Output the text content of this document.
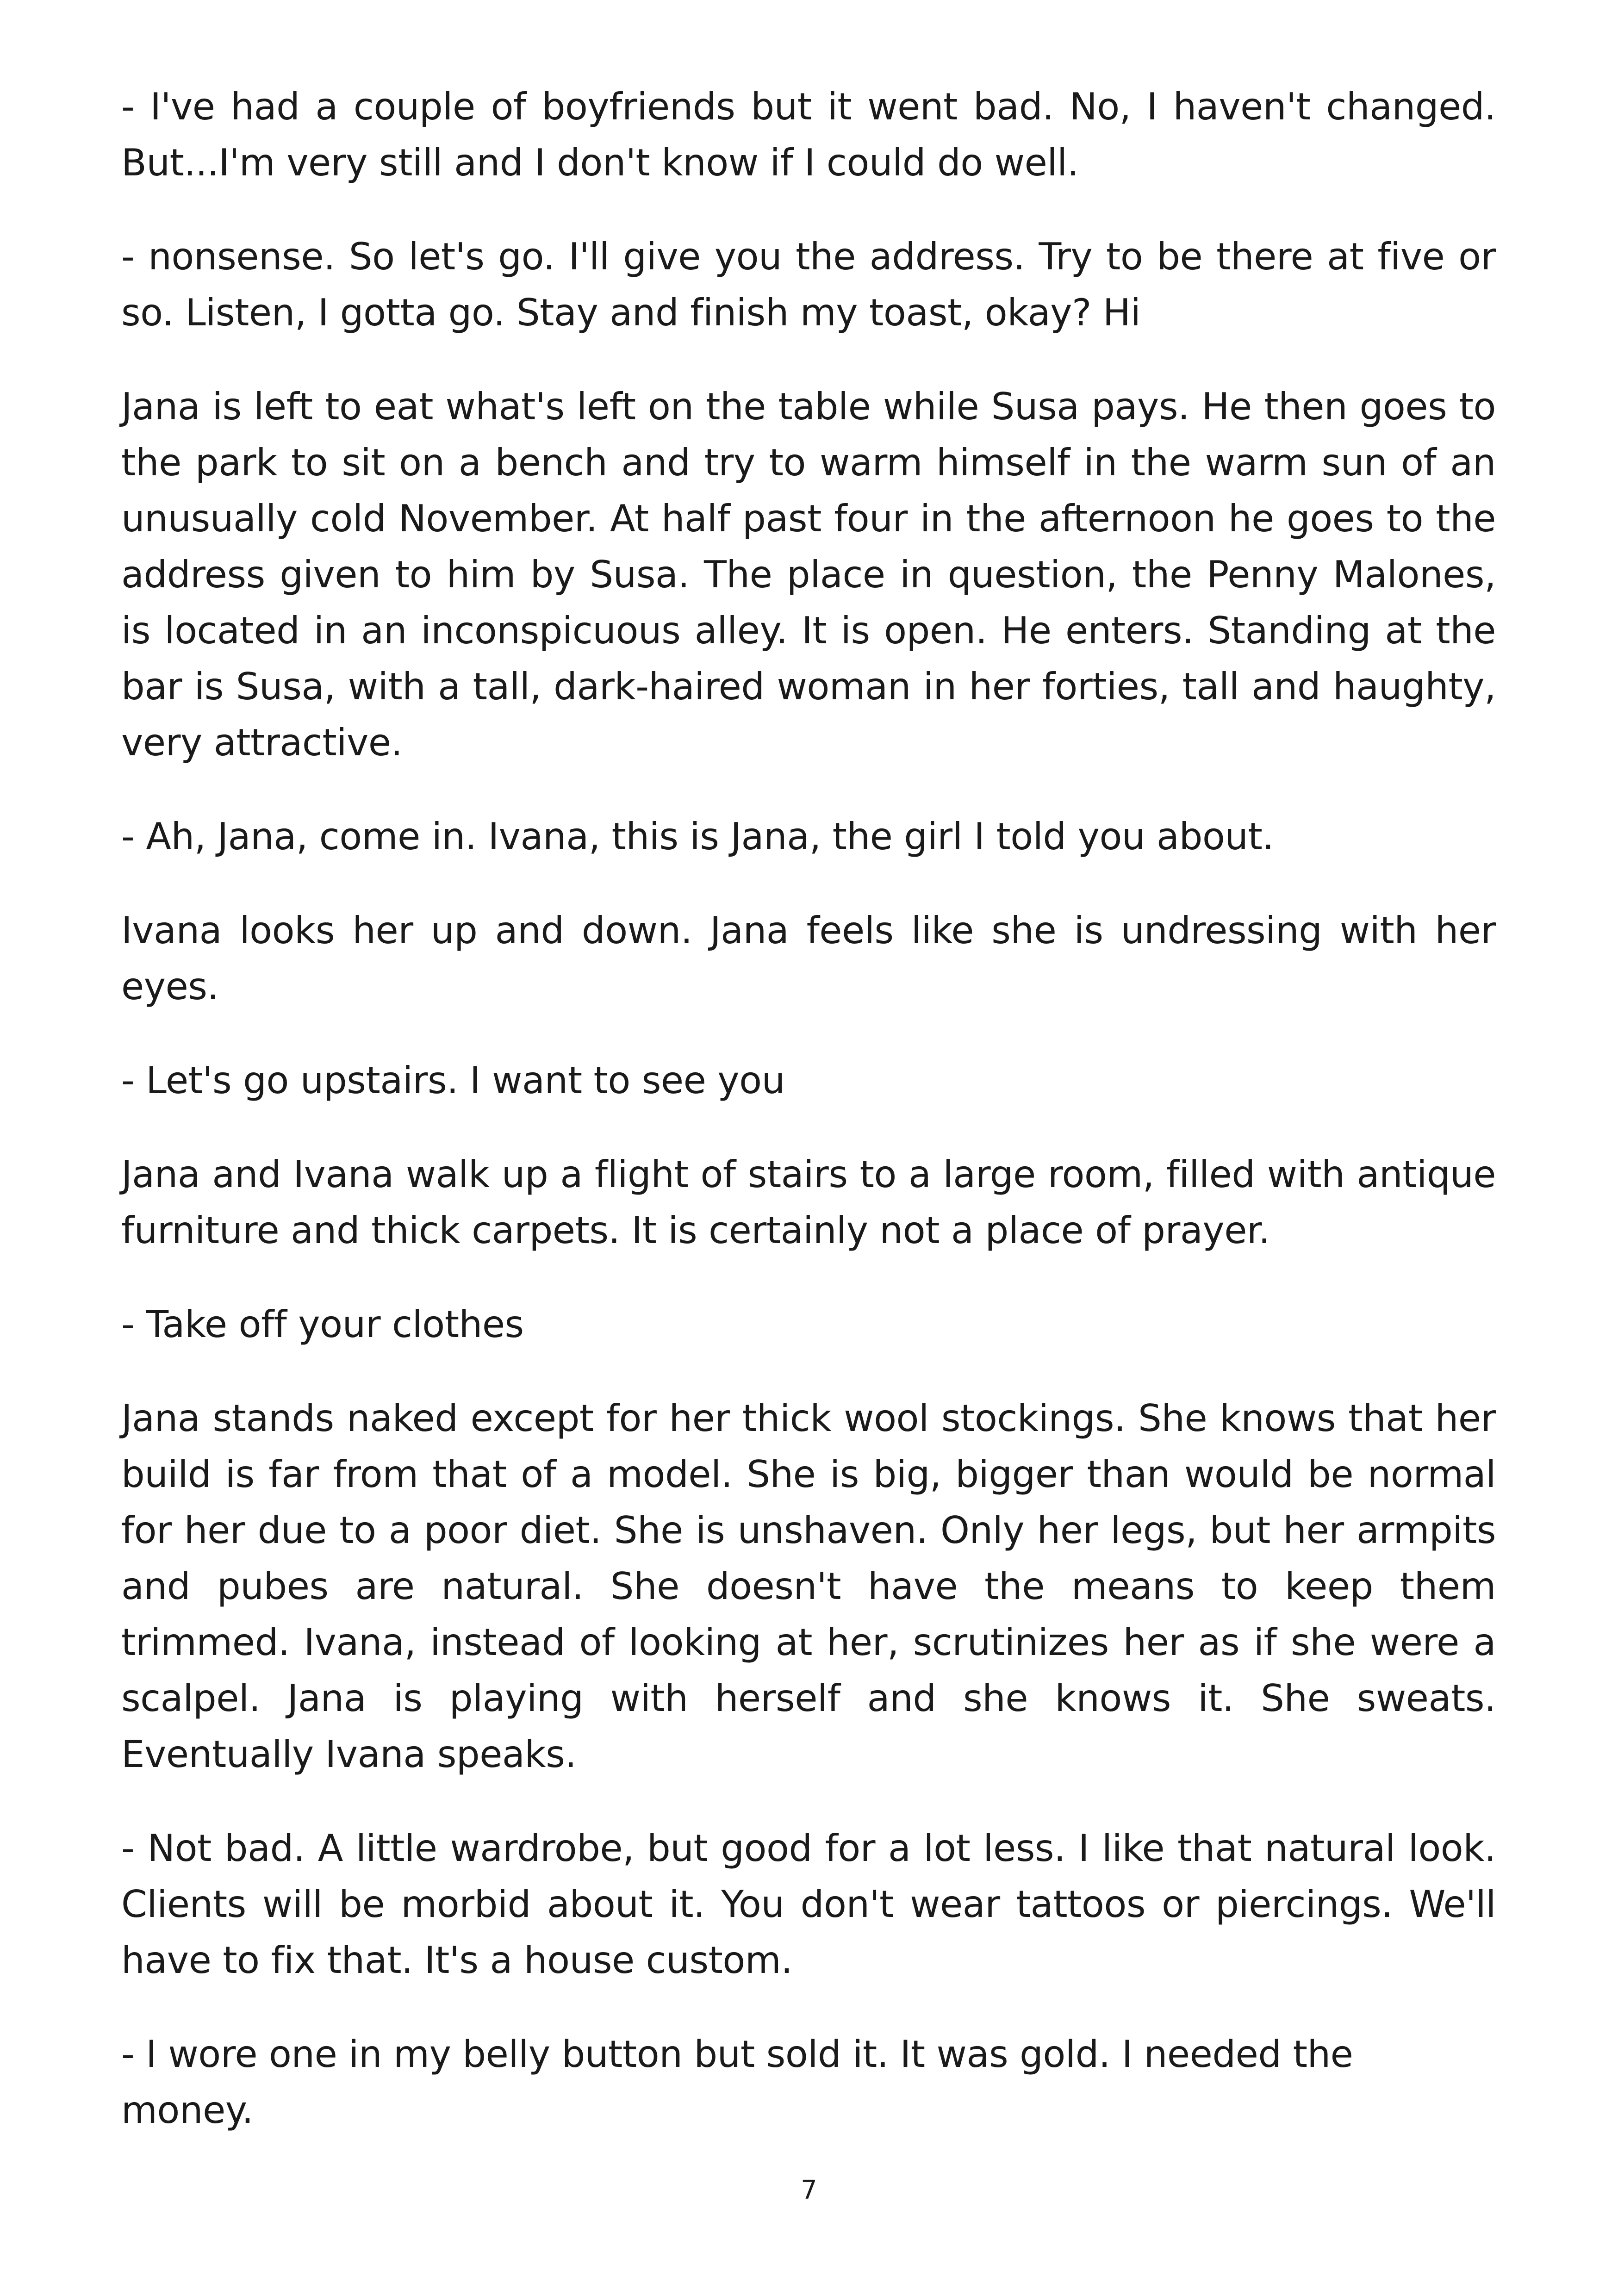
- I've had a couple of boyfriends but it went bad. No, I haven't changed. But...I'm very still and I don't know if I could do well.

- nonsense. So let's go. I'll give you the address. Try to be there at five or so. Listen, I gotta go. Stay and finish my toast, okay? Hi

Jana is left to eat what's left on the table while Susa pays. He then goes to the park to sit on a bench and try to warm himself in the warm sun of an unusually cold November. At half past four in the afternoon he goes to the address given to him by Susa. The place in question, the Penny Malones, is located in an inconspicuous alley. It is open. He enters. Standing at the bar is Susa, with a tall, dark-haired woman in her forties, tall and haughty, very attractive.

- Ah, Jana, come in. Ivana, this is Jana, the girl I told you about.

Ivana looks her up and down. Jana feels like she is undressing with her eyes.

- Let's go upstairs. I want to see you

Jana and Ivana walk up a flight of stairs to a large room, filled with antique furniture and thick carpets. It is certainly not a place of prayer.

- Take off your clothes

Jana stands naked except for her thick wool stockings. She knows that her build is far from that of a model. She is big, bigger than would be normal for her due to a poor diet. She is unshaven. Only her legs, but her armpits and pubes are natural. She doesn't have the means to keep them trimmed. Ivana, instead of looking at her, scrutinizes her as if she were a scalpel. Jana is playing with herself and she knows it. She sweats. Eventually Ivana speaks.

- Not bad. A little wardrobe, but good for a lot less. I like that natural look. Clients will be morbid about it. You don't wear tattoos or piercings. We'll have to fix that. It's a house custom.

- I wore one in my belly button but sold it. It was gold. I needed the money.

7
